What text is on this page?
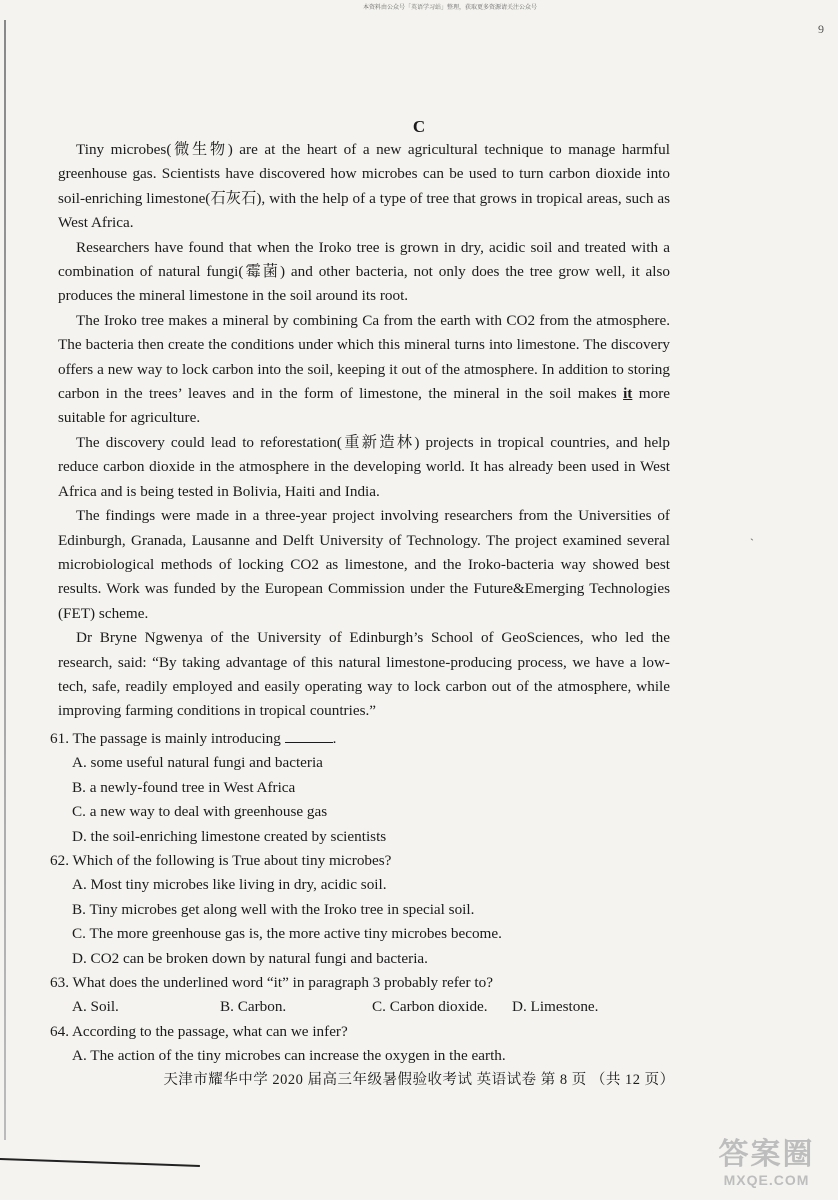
本资料由公众号「英语学习站」整理，获取更多资源请关注公众号
9
`
C

Tiny microbes(微生物) are at the heart of a new agricultural technique to manage harmful greenhouse gas. Scientists have discovered how microbes can be used to turn carbon dioxide into soil-enriching limestone(石灰石), with the help of a type of tree that grows in tropical areas, such as West Africa.

Researchers have found that when the Iroko tree is grown in dry, acidic soil and treated with a combination of natural fungi(霉菌) and other bacteria, not only does the tree grow well, it also produces the mineral limestone in the soil around its root.

The Iroko tree makes a mineral by combining Ca from the earth with CO2 from the atmosphere. The bacteria then create the conditions under which this mineral turns into limestone. The discovery offers a new way to lock carbon into the soil, keeping it out of the atmosphere. In addition to storing carbon in the trees’ leaves and in the form of limestone, the mineral in the soil makes it more suitable for agriculture.

The discovery could lead to reforestation(重新造林) projects in tropical countries, and help reduce carbon dioxide in the atmosphere in the developing world. It has already been used in West Africa and is being tested in Bolivia, Haiti and India.

The findings were made in a three-year project involving researchers from the Universities of Edinburgh, Granada, Lausanne and Delft University of Technology. The project examined several microbiological methods of locking CO2 as limestone, and the Iroko-bacteria way showed best results. Work was funded by the European Commission under the Future&Emerging Technologies (FET) scheme.

Dr Bryne Ngwenya of the University of Edinburgh’s School of GeoSciences, who led the research, said: “By taking advantage of this natural limestone-producing process, we have a low-tech, safe, readily employed and easily operating way to lock carbon out of the atmosphere, while improving farming conditions in tropical countries.”

61. The passage is mainly introducing	.

A. some useful natural fungi and bacteria

B. a newly-found tree in West Africa

C. a new way to deal with greenhouse gas

D. the soil-enriching limestone created by scientists

62. Which of the following is True about tiny microbes?

A. Most tiny microbes like living in dry, acidic soil.

B. Tiny microbes get along well with the Iroko tree in special soil.

C. The more greenhouse gas is, the more active tiny microbes become.

D. CO2 can be broken down by natural fungi and bacteria.

63. What does the underlined word “it” in paragraph 3 probably refer to?

A. Soil.	B. Carbon.	C. Carbon dioxide.	D. Limestone.

64. According to the passage, what can we infer?

A. The action of the tiny microbes can increase the oxygen in the earth.

天津市耀华中学 2020 届高三年级暑假验收考试 英语试卷 第 8 页 （共 12 页）
答案圈
MXQE.COM
